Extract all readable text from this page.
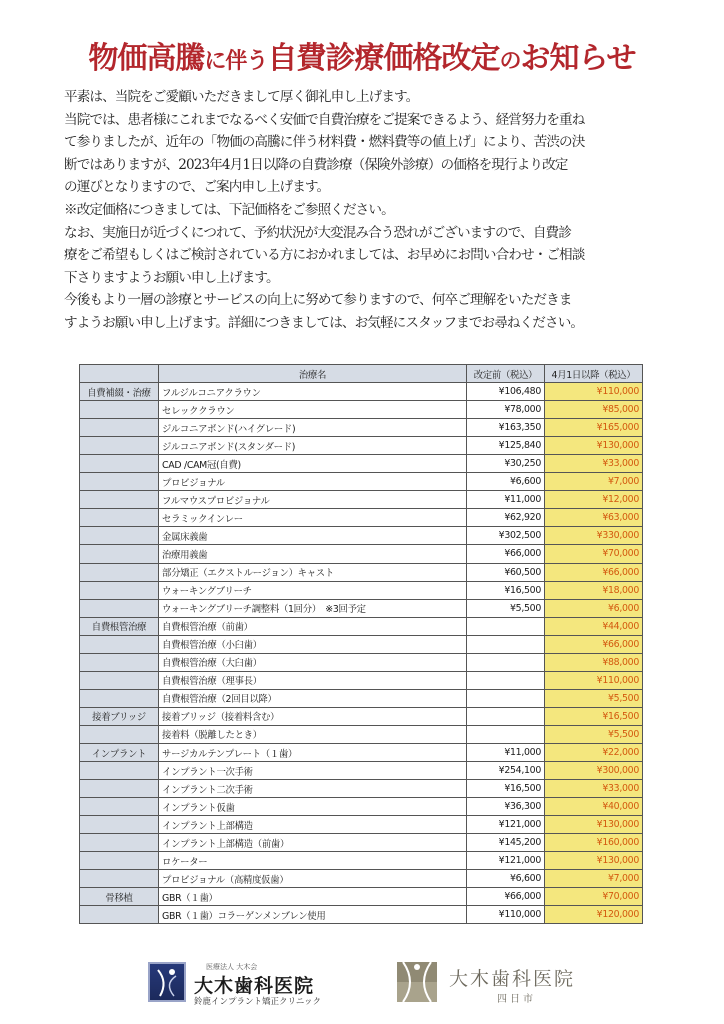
物価高騰に伴う自費診療価格改定のお知らせ

平素は、当院をご愛顧いただきまして厚く御礼申し上げます。

当院では、患者様にこれまでなるべく安価で自費治療をご提案できるよう、経営努力を重ね

て参りましたが、近年の「物価の高騰に伴う材料費・燃料費等の値上げ」により、苦渋の決

断ではありますが、2023年4月1日以降の自費診療（保険外診療）の価格を現行より改定

の運びとなりますので、ご案内申し上げます。

※改定価格につきましては、下記価格をご参照ください。

なお、実施日が近づくにつれて、予約状況が大変混み合う恐れがございますので、自費診

療をご希望もしくはご検討されている方におかれましては、お早めにお問い合わせ・ご相談

下さりますようお願い申し上げます。

今後もより一層の診療とサービスの向上に努めて参りますので、何卒ご理解をいただきま

すようお願い申し上げます。詳細につきましては、お気軽にスタッフまでお尋ねください。

	治療名	改定前（税込）	4月1日以降（税込）
自費補綴・治療	フルジルコニアクラウン	¥106,480	¥110,000
	セレッククラウン	¥78,000	¥85,000
	ジルコニアボンド(ハイグレード)	¥163,350	¥165,000
	ジルコニアボンド(スタンダード)	¥125,840	¥130,000
	CAD /CAM冠(自費)	¥30,250	¥33,000
	プロビジョナル	¥6,600	¥7,000
	フルマウスプロビジョナル	¥11,000	¥12,000
	セラミックインレー	¥62,920	¥63,000
	金属床義歯	¥302,500	¥330,000
	治療用義歯	¥66,000	¥70,000
	部分矯正（エクストルージョン）キャスト	¥60,500	¥66,000
	ウォーキングブリーチ	¥16,500	¥18,000
	ウォーキングブリーチ調整料（1回分）　※3回予定	¥5,500	¥6,000
自費根管治療	自費根管治療（前歯）		¥44,000
	自費根管治療（小臼歯）		¥66,000
	自費根管治療（大臼歯）		¥88,000
	自費根管治療（理事長）		¥110,000
	自費根管治療（2回目以降）		¥5,500
接着ブリッジ	接着ブリッジ（接着料含む）		¥16,500
	接着料（脱離したとき）		¥5,500
インプラント	サージカルテンプレート（１歯）	¥11,000	¥22,000
	インプラント一次手術	¥254,100	¥300,000
	インプラント二次手術	¥16,500	¥33,000
	インプラント仮歯	¥36,300	¥40,000
	インプラント上部構造	¥121,000	¥130,000
	インプラント上部構造（前歯）	¥145,200	¥160,000
	ロケーター	¥121,000	¥130,000
	プロビジョナル（高精度仮歯）	¥6,600	¥7,000
骨移植	GBR（１歯）	¥66,000	¥70,000
	GBR（１歯）コラーゲンメンブレン使用	¥110,000	¥120,000
医療法人 大木会
大木歯科医院
鈴鹿インプラント矯正クリニック
大木歯科医院
四日市
